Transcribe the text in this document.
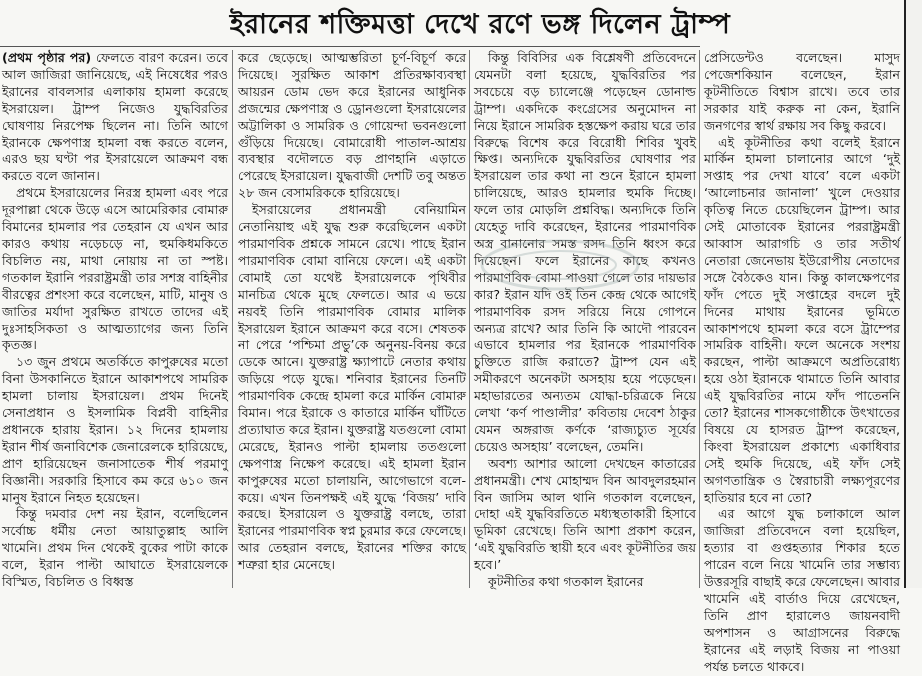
ইরানের শক্তিমত্তা দেখে রণে ভঙ্গ দিলেন ট্রাম্প

(প্রথম পৃষ্ঠার পর) ফেলতে বারণ করেন। তবে আল জাজিরা জানিয়েছে, এই নিষেধের পরও ইরানের বাবলসার এলাকায় হামলা করেছে ইসরায়েল। ট্রাম্প নিজেও যুদ্ধবিরতির ঘোষণায় নিরপেক্ষ ছিলেন না। তিনি আগে ইরানকে ক্ষেপণাস্ত্র হামলা বন্ধ করতে বলেন, এরও ছয় ঘণ্টা পর ইসরায়েলে আক্রমণ বন্ধ করতে বলে জানান।

প্রথমে ইসরায়েলের নিরস্ত্র হামলা এবং পরে দূরপাল্লা থেকে উড়ে এসে আমেরিকার বোমারু বিমানের হামলার পর তেহরান যে এখন আর কারও কথায় নড়েচড়ে না, হুমকিধমকিতে বিচলিত নয়, মাথা নোয়ায় না তা স্পষ্ট। গতকাল ইরানি পররাষ্ট্রমন্ত্রী তার সশস্ত্র বাহিনীর বীরত্বের প্রশংসা করে বলেছেন, মাটি, মানুষ ও জাতির মর্যাদা সুরক্ষিত রাখতে তাদের এই দুঃসাহসিকতা ও আত্মত্যাগের জন্য তিনি কৃতজ্ঞ।

১৩ জুন প্রথমে অতর্কিতে কাপুরুষের মতো বিনা উসকানিতে ইরানে আকাশপথে সামরিক হামলা চালায় ইসরায়েল। প্রথম দিনেই সেনাপ্রধান ও ইসলামিক বিপ্লবী বাহিনীর প্রধানকে হারায় ইরান। ১২ দিনের হামলায় ইরান শীর্ষ জনাবিশেক জেনারেলকে হারিয়েছে, প্রাণ হারিয়েছেন জনাসাতেক শীর্ষ পরমাণু বিজ্ঞানী। সরকারি হিসাবে কম করে ৬১০ জন মানুষ ইরানে নিহত হয়েছেন।

কিন্তু দমবার দেশ নয় ইরান, বলেছিলেন সর্বোচ্চ ধর্মীয় নেতা আয়াতুল্লাহ আলি খামেনি। প্রথম দিন থেকেই বুকের পাটা কাকে বলে, ইরান পাল্টা আঘাতে ইসরায়েলকে বিস্মিত, বিচলিত ও বিধ্বস্ত

করে ছেড়েছে। আত্মম্ভরিতা চূর্ণ-বিচূর্ণ করে দিয়েছে। সুরক্ষিত আকাশ প্রতিরক্ষাব্যবস্থা আয়রন ডোম ভেদ করে ইরানের আধুনিক প্রজন্মের ক্ষেপণাস্ত্র ও ড্রোনগুলো ইসরায়েলের অট্টালিকা ও সামরিক ও গোয়েন্দা ভবনগুলো গুঁড়িয়ে দিয়েছে। বোমারোধী পাতাল-আশ্রয় ব্যবস্থার বদৌলতে বড় প্রাণহানি এড়াতে পেরেছে ইসরায়েল। যুদ্ধবাজী দেশটি তবু অন্তত ২৮ জন বেসামরিককে হারিয়েছে।

ইসরায়েলের প্রধানমন্ত্রী বেনিয়ামিন নেতানিয়াহু এই যুদ্ধ শুরু করেছিলেন একটা পারমাণবিক প্রশ্নকে সামনে রেখে। পাছে ইরান পারমাণবিক বোমা বানিয়ে ফেলে। এই একটা বোমাই তো যথেষ্ট ইসরায়েলকে পৃথিবীর মানচিত্র থেকে মুছে ফেলতে। আর এ ভয়ে নয়বই তিনি পারমাণবিক বোমার মালিক ইসরায়েল ইরানে আক্রমণ করে বসে। শেষতক না পেরে ‘পশ্চিমা প্রভু’কে অনুনয়-বিনয় করে ডেকে আনে। যুক্তরাষ্ট্র ক্ষ্যাপাটে নেতার কথায় জড়িয়ে পড়ে যুদ্ধে। শনিবার ইরানের তিনটি পারমাণবিক কেন্দ্রে হামলা করে মার্কিন বোমারু বিমান। পরে ইরাকে ও কাতারে মার্কিন ঘাঁটিতে প্রত্যাঘাত করে ইরান। যুক্তরাষ্ট্র যতগুলো বোমা মেরেছে, ইরানও পাল্টা হামলায় ততগুলো ক্ষেপণাস্ত্র নিক্ষেপ করেছে। এই হামলা ইরান কাপুরুষের মতো চালায়নি, আগেভাগে বলে-কয়ে। এখন তিনপক্ষই এই যুদ্ধে ‘বিজয়’ দাবি করছে। ইসরায়েল ও যুক্তরাষ্ট্র বলছে, তারা ইরানের পারমাণবিক স্বপ্ন চুরমার করে ফেলেছে। আর তেহরান বলছে, ইরানের শক্তির কাছে শত্রুরা হার মেনেছে।

কিন্তু বিবিসির এক বিশ্লেষণী প্রতিবেদনে যেমনটা বলা হয়েছে, যুদ্ধবিরতির পর সবচেয়ে বড় চ্যালেঞ্জে পড়েছেন ডোনাল্ড ট্রাম্প। একদিকে কংগ্রেসের অনুমোদন না নিয়ে ইরানে সামরিক হস্তক্ষেপ করায় ঘরে তার বিরুদ্ধে বিশেষ করে বিরোধী শিবির খুবই ক্ষিপ্ত। অন্যদিকে যুদ্ধবিরতির ঘোষণার পর ইসরায়েল তার কথা না শুনে ইরানে হামলা চালিয়েছে, আরও হামলার হুমকি দিচ্ছে। ফলে তার মোড়লি প্রশ্নবিদ্ধ। অন্যদিকে তিনি যেহেতু দাবি করেছেন, ইরানের পারমাণবিক অস্ত্র বানানোর সমস্ত রসদ তিনি ধ্বংস করে দিয়েছেন। ফলে ইরানের কাছে কখনও পারমাণবিক বোমা পাওয়া গেলে তার দায়ভার কার? ইরান যদি ওই তিন কেন্দ্র থেকে আগেই পারমাণবিক রসদ সরিয়ে নিয়ে গোপনে অন্যত্র রাখে? আর তিনি কি আদৌ পারবেন এভাবে হামলার পর ইরানকে পারমাণবিক চুক্তিতে রাজি করাতে? ট্রাম্প যেন এই সমীকরণে অনেকটা অসহায় হয়ে পড়েছেন। মহাভারতের অন্যতম যোদ্ধা-চরিত্রকে নিয়ে লেখা ‘কর্ণ পাণ্ডালীর’ কবিতায় দেবেশ ঠাকুর যেমন অঙ্গরাজ কর্ণকে ‘রাজ্যচ্যুত সূর্যের চেয়েও অসহায়’ বলেছেন, তেমনি।

অবশ্য আশার আলো দেখছেন কাতারের প্রধানমন্ত্রী। শেখ মোহাম্মদ বিন আবদুলরহমান বিন জাসিম আল থানি গতকাল বলেছেন, দোহা এই যুদ্ধবিরতিতে মধ্যস্থতাকারী হিসাবে ভূমিকা রেখেছে। তিনি আশা প্রকাশ করেন, ‘এই যুদ্ধবিরতি স্থায়ী হবে এবং কূটনীতির জয় হবে।’

কূটনীতির কথা গতকাল ইরানের

প্রেসিডেন্টও বলেছেন। মাসুদ পেজেশকিয়ান বলেছেন, ইরান কূটনীতিতে বিশ্বাস রাখে। তবে তার সরকার যাই করুক না কেন, ইরানি জনগণের স্বার্থ রক্ষায় সব কিছু করবে।

এই কূটনীতির কথা বলেই ইরানে মার্কিন হামলা চালানোর আগে ‘দুই সপ্তাহ পর দেখা যাবে’ বলে একটা ‘আলোচনার জানালা’ খুলে দেওয়ার কৃতিত্ব নিতে চেয়েছিলেন ট্রাম্প। আর সেই মোতাবেক ইরানের পররাষ্ট্রমন্ত্রী আব্বাস আরাগচি ও তার সতীর্থ নেতারা জেনেভায় ইউরোপীয় নেতাদের সঙ্গে বৈঠকেও যান। কিন্তু কালক্ষেপণের ফাঁদ পেতে দুই সপ্তাহের বদলে দুই দিনের মাথায় ইরানের ভূমিতে আকাশপথে হামলা করে বসে ট্রাম্পের সামরিক বাহিনী। ফলে অনেকে সংশয় করছেন, পাল্টা আক্রমণে অপ্রতিরোধ্য হয়ে ওঠা ইরানকে থামাতে তিনি আবার এই যুদ্ধবিরতির নামে ফাঁদ পাতেননি তো? ইরানের শাসকগোষ্ঠীকে উৎখাতের বিষয়ে যে হাসরত ট্রাম্প করেছেন, কিংবা ইসরায়েল প্রকাশ্যে একাধিবার সেই হুমকি দিয়েছে, এই ফাঁদ সেই অগণতান্ত্রিক ও স্বৈরাচারী লক্ষ্যপূরণের হাতিয়ার হবে না তো?

এর আগে যুদ্ধ চলাকালে আল জাজিরা প্রতিবেদনে বলা হয়েছিল, হত্যার বা গুপ্তহত্যার শিকার হতে পারেন বলে নিয়ে খামেনি তার সম্ভাব্য উত্তরসূরি বাছাই করে ফেলেছেন। আবার খামেনি এই বার্তাও দিয়ে রেখেছেন, তিনি প্রাণ হারালেও জায়নবাদী অপশাসন ও আগ্রাসনের বিরুদ্ধে ইরানের এই লড়াই বিজয় না পাওয়া পর্যন্ত চলতে থাকবে।
